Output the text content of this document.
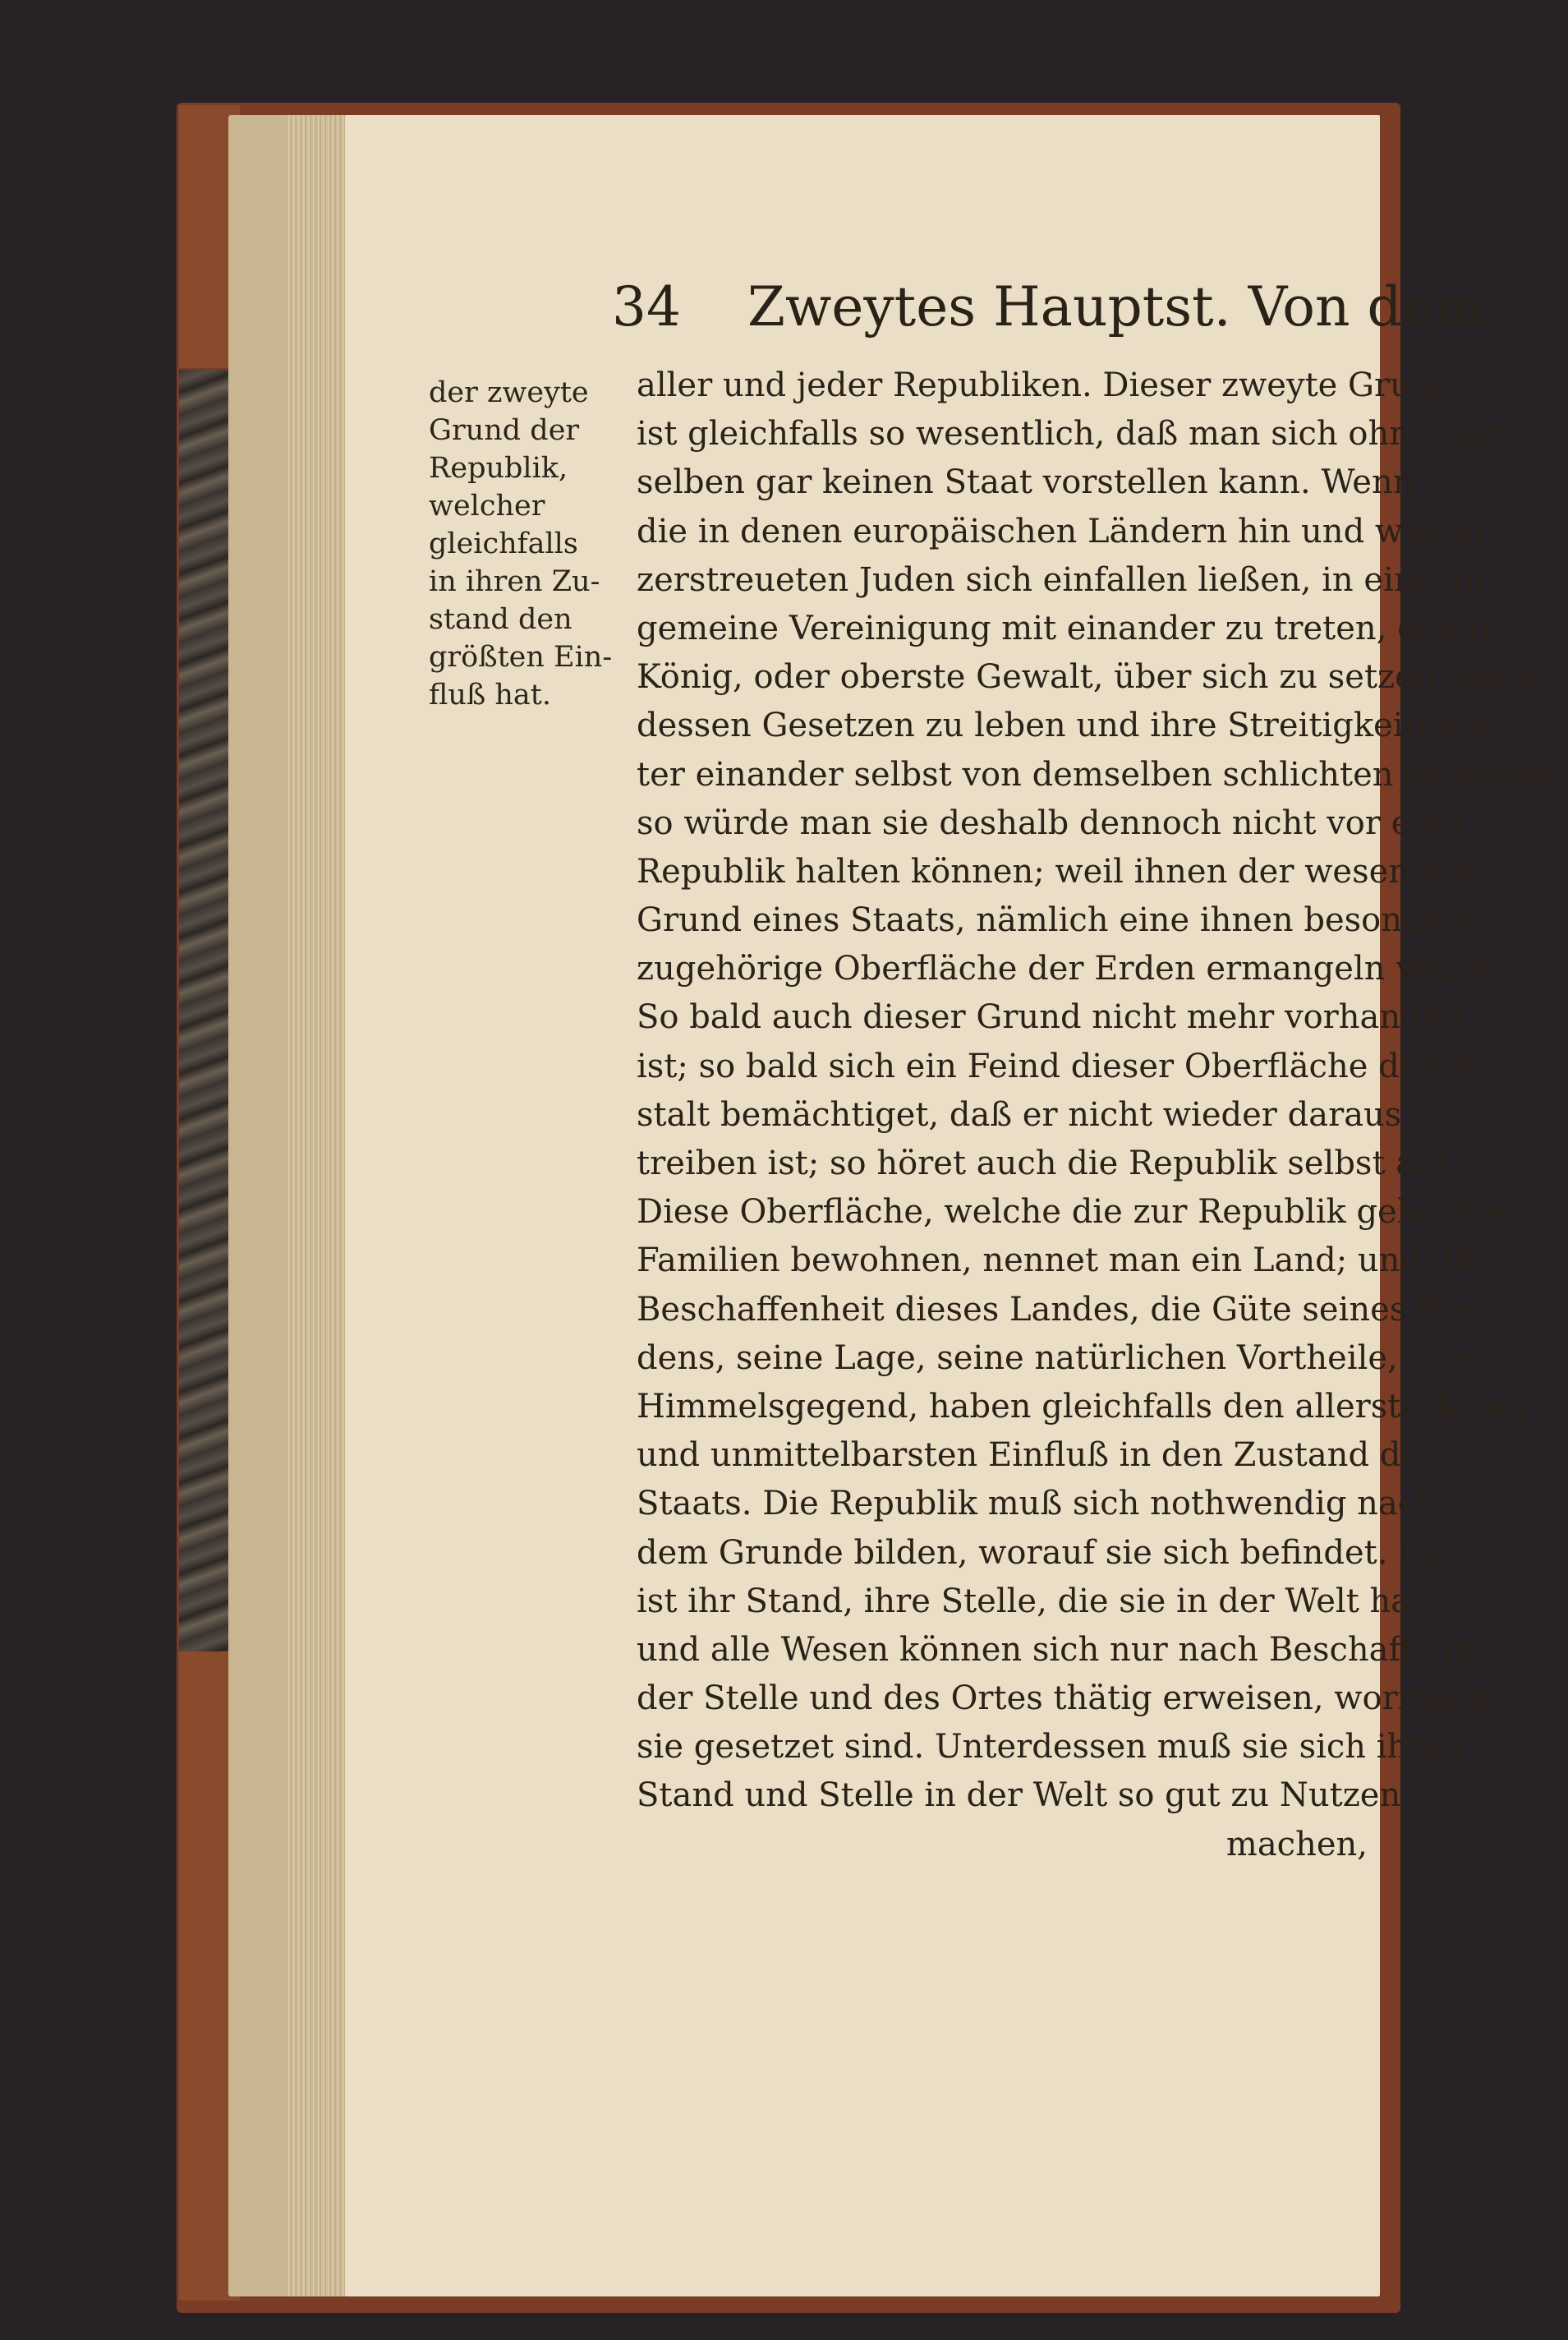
34 Zweytes Hauptst. Von dem
der zweyte
Grund der
Republik,
welcher
gleichfalls
in ihren Zu-
stand den
größten Ein-
fluß hat.
aller und jeder Republiken. Dieser zweyte Grund
ist gleichfalls so wesentlich, daß man sich ohne dem-
selben gar keinen Staat vorstellen kann. Wenn
die in denen europäischen Ländern hin und wieder
zerstreueten Juden sich einfallen ließen, in eine all-
gemeine Vereinigung mit einander zu treten, einen
König, oder oberste Gewalt, über sich zu setzen, nach
dessen Gesetzen zu leben und ihre Streitigkeiten un-
ter einander selbst von demselben schlichten zu lassen;
so würde man sie deshalb dennoch nicht vor eine
Republik halten können; weil ihnen der wesentliche
Grund eines Staats, nämlich eine ihnen besonders
zugehörige Oberfläche der Erden ermangeln würde.
So bald auch dieser Grund nicht mehr vorhanden
ist; so bald sich ein Feind dieser Oberfläche derge-
stalt bemächtiget, daß er nicht wieder daraus zu ver-
treiben ist; so höret auch die Republik selbst auf.
Diese Oberfläche, welche die zur Republik gehörigen
Familien bewohnen, nennet man ein Land; und die
Beschaffenheit dieses Landes, die Güte seines Bo-
dens, seine Lage, seine natürlichen Vortheile, seine
Himmelsgegend, haben gleichfalls den allerstärksten
und unmittelbarsten Einfluß in den Zustand des
Staats. Die Republik muß sich nothwendig nach
dem Grunde bilden, worauf sie sich befindet. Das
ist ihr Stand, ihre Stelle, die sie in der Welt hat;
und alle Wesen können sich nur nach Beschaffenheit
der Stelle und des Ortes thätig erweisen, worinnen
sie gesetzet sind. Unterdessen muß sie sich ihren
Stand und Stelle in der Welt so gut zu Nutzen
machen,
